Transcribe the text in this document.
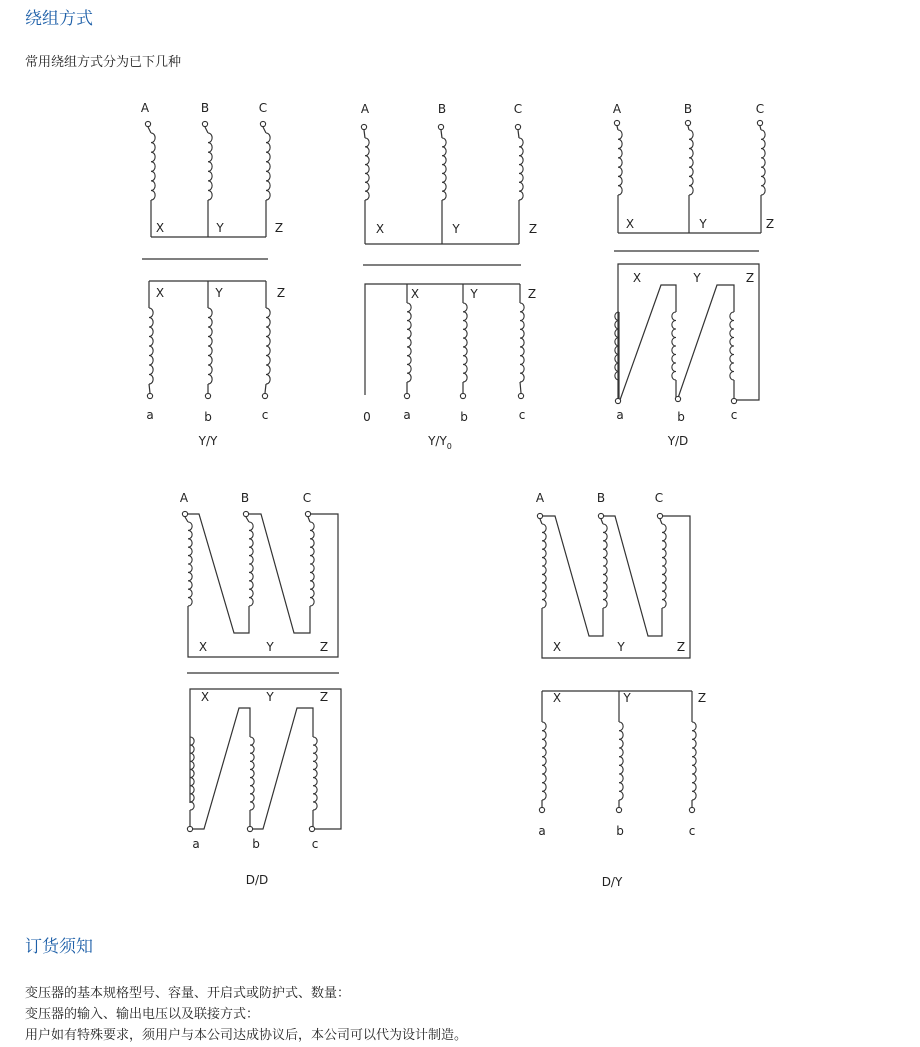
绕组方式

常用绕组方式分为已下几种

A	B	C
X	Y	Z
X	Y	Z
a	b	c
Y/Y
A	B	C
X	Y	Z
X	Y	Z
0	a	b	c
$Y/Y_0$
A	B	C
X	Y	Z
X	Y	Z
a	b	c
Y/D
A	B	C
X	Y	Z
X	Y	Z
a	b	c
D/D
A	B	C
X	Y	Z
X	Y	Z
a	b	c
D/Y
订货须知

变压器的基本规格型号、容量、开启式或防护式、数量：

变压器的输入、输出电压以及联接方式：

用户如有特殊要求，须用户与本公司达成协议后，本公司可以代为设计制造。
